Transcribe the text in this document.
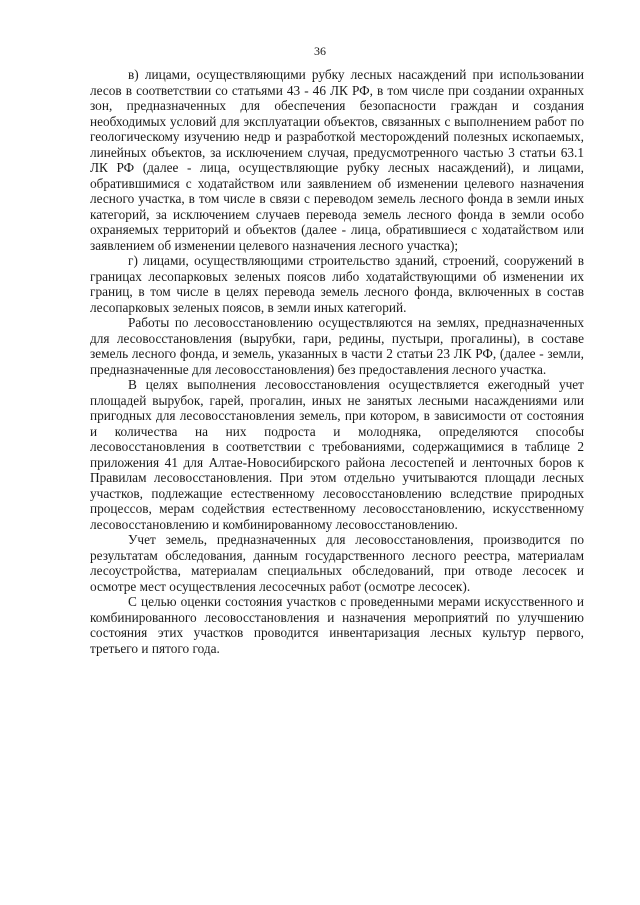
36

в) лицами, осуществляющими рубку лесных насаждений при использовании лесов в соответствии со статьями 43 - 46 ЛК РФ, в том числе при создании охранных зон, предназначенных для обеспечения безопасности граждан и создания необходимых условий для эксплуатации объектов, связанных с выполнением работ по геологическому изучению недр и разработкой месторождений полезных ископаемых, линейных объектов, за исключением случая, предусмотренного частью 3 статьи 63.1 ЛК РФ (далее - лица, осуществляющие рубку лесных насаждений), и лицами, обратившимися с ходатайством или заявлением об изменении целевого назначения лесного участка, в том числе в связи с переводом земель лесного фонда в земли иных категорий, за исключением случаев перевода земель лесного фонда в земли особо охраняемых территорий и объектов (далее - лица, обратившиеся с ходатайством или заявлением об изменении целевого назначения лесного участка);

г) лицами, осуществляющими строительство зданий, строений, сооружений в границах лесопарковых зеленых поясов либо ходатайствующими об изменении их границ, в том числе в целях перевода земель лесного фонда, включенных в состав лесопарковых зеленых поясов, в земли иных категорий.

Работы по лесовосстановлению осуществляются на землях, предназначенных для лесовосстановления (вырубки, гари, редины, пустыри, прогалины), в составе земель лесного фонда, и земель, указанных в части 2 статьи 23 ЛК РФ, (далее - земли, предназначенные для лесовосстановления) без предоставления лесного участка.

В целях выполнения лесовосстановления осуществляется ежегодный учет площадей вырубок, гарей, прогалин, иных не занятых лесными насаждениями или пригодных для лесовосстановления земель, при котором, в зависимости от состояния и количества на них подроста и молодняка, определяются способы лесовосстановления в соответствии с требованиями, содержащимися в таблице 2 приложения 41 для Алтае-Новосибирского района лесостепей и ленточных боров к Правилам лесовосстановления. При этом отдельно учитываются площади лесных участков, подлежащие естественному лесовосстановлению вследствие природных процессов, мерам содействия естественному лесовосстановлению, искусственному лесовосстановлению и комбинированному лесовосстановлению.

Учет земель, предназначенных для лесовосстановления, производится по результатам обследования, данным государственного лесного реестра, материалам лесоустройства, материалам специальных обследований, при отводе лесосек и осмотре мест осуществления лесосечных работ (осмотре лесосек).

С целью оценки состояния участков с проведенными мерами искусственного и комбинированного лесовосстановления и назначения мероприятий по улучшению состояния этих участков проводится инвентаризация лесных культур первого, третьего и пятого года.
